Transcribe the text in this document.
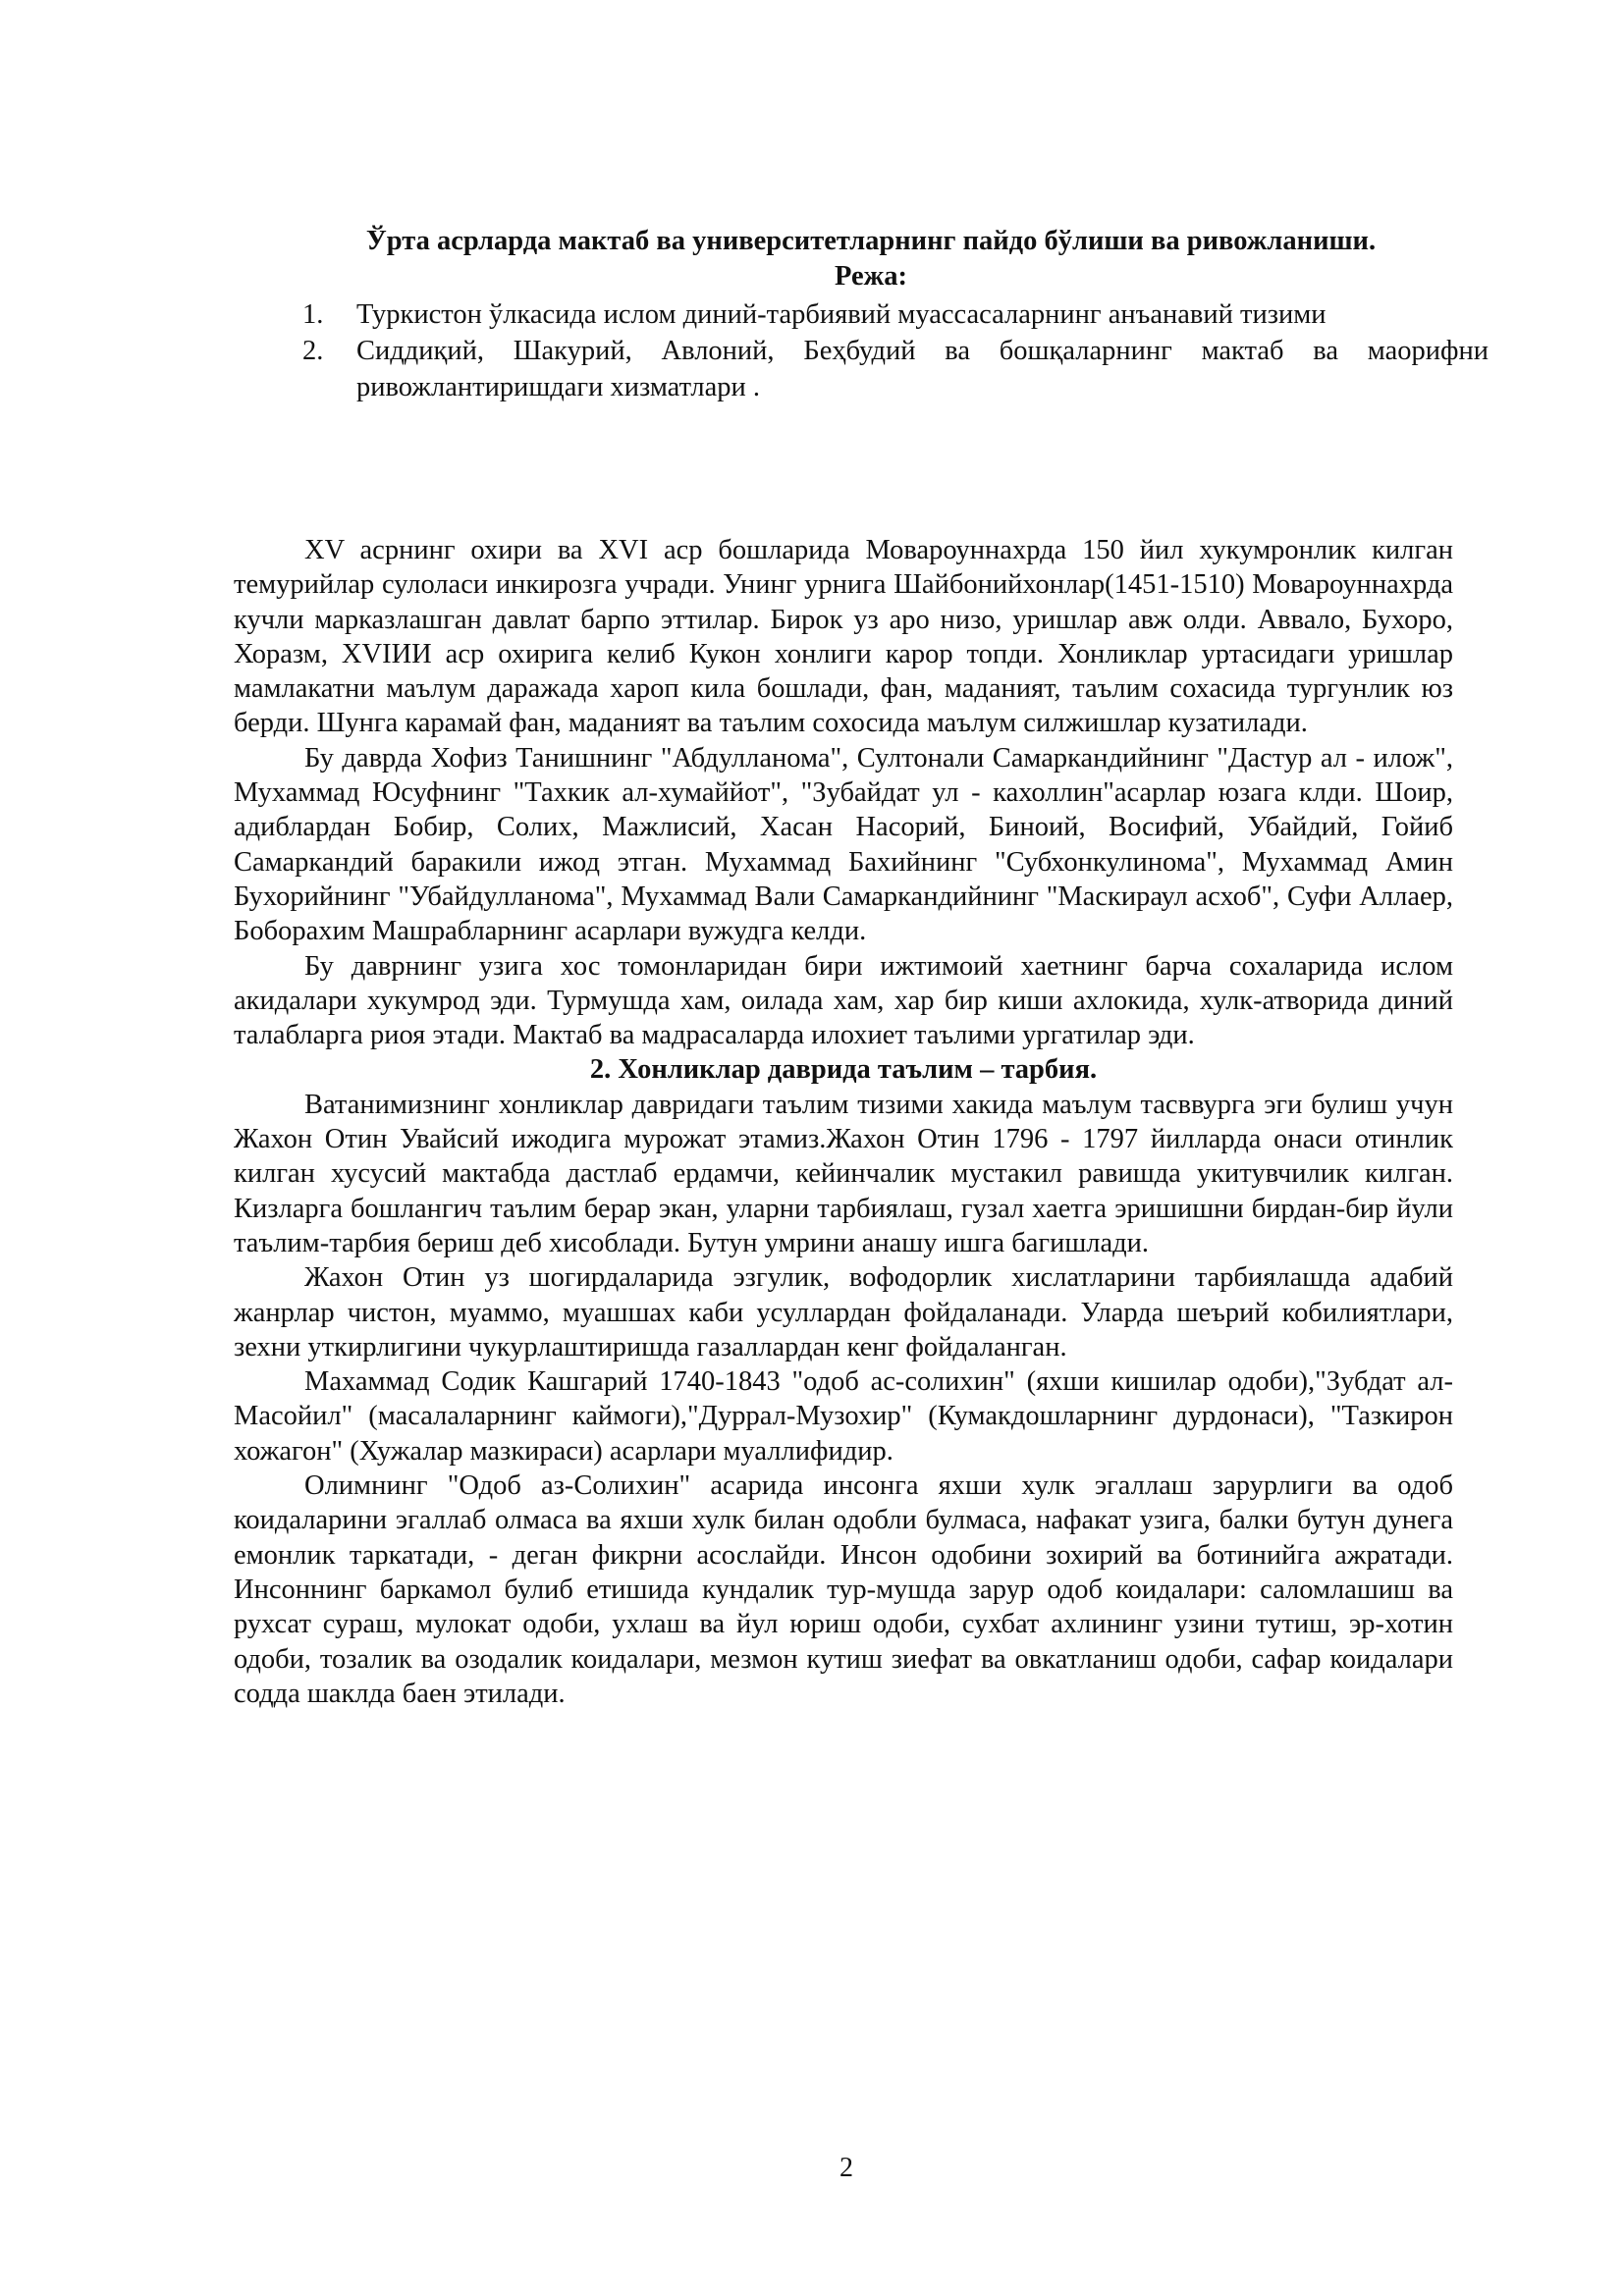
Ўрта асрларда мактаб ва университетларнинг пайдо бўлиши ва ривожланиши.
Режа:
1. Туркистон ўлкасида ислом диний-тарбиявий муассасаларнинг анъанавий тизими
2. Сиддиқий, Шакурий, Авлоний, Беҳбудий ва бошқаларнинг мактаб ва маорифни ривожлантиришдаги хизматлари .

XV асрнинг охири ва XVI аср бошларида Мовароуннахрда 150 йил хукумронлик килган темурийлар сулоласи инкирозга учради. Унинг урнига Шайбонийхонлар(1451-1510) Мовароуннахрда кучли марказлашган давлат барпо эттилар. Бирок уз аро низо, уришлар авж олди. Аввало, Бухоро, Хоразм, XVIИИ аср охирига келиб Кукон хонлиги карор топди. Хонликлар уртасидаги уришлар мамлакатни маълум даражада хароп кила бошлади, фан, маданият, таълим сохасида тургунлик юз берди. Шунга карамай фан, маданият ва таълим сохосида маълум силжишлар кузатилади.

Бу даврда Хофиз Танишнинг "Абдулланома", Султонали Самаркандийнинг "Дастур ал - илож", Мухаммад Юсуфнинг "Тахкик ал-хумаййот", "Зубайдат ул - кахоллин"асарлар юзага клди. Шоир, адиблардан Бобир, Солих, Мажлисий, Хасан Насорий, Биноий, Восифий, Убайдий, Гойиб Самаркандий баракили ижод этган. Мухаммад Бахийнинг "Субхонкулинома", Мухаммад Амин Бухорийнинг "Убайдулланома", Мухаммад Вали Самаркандийнинг "Маскираул асхоб", Суфи Аллаер, Боборахим Машрабларнинг асарлари вужудга келди.

Бу даврнинг узига хос томонларидан бири ижтимоий хаетнинг барча сохаларида ислом акидалари хукумрод эди. Турмушда хам, оилада хам, хар бир киши ахлокида, хулк-атворида диний талабларга риоя этади. Мактаб ва мадрасаларда илохиет таълими ургатилар эди.

2. Хонликлар даврида таълим – тарбия.

Ватанимизнинг хонликлар давридаги таълим тизими хакида маълум тасввурга эги булиш учун Жахон Отин Увайсий ижодига мурожат этамиз.Жахон Отин 1796 - 1797 йилларда онаси отинлик килган хусусий мактабда дастлаб ердамчи, кейинчалик мустакил равишда укитувчилик килган. Кизларга бошлангич таълим берар экан, уларни тарбиялаш, гузал хаетга эришишни бирдан-бир йули таълим-тарбия бериш деб хисоблади. Бутун умрини анашу ишга багишлади.

Жахон Отин уз шогирдаларида эзгулик, вофодорлик хислатларини тарбиялашда адабий жанрлар чистон, муаммо, муашшах каби усуллардан фойдаланади. Уларда шеърий кобилиятлари, зехни уткирлигини чукурлаштиришда газаллардан кенг фойдаланган.

Махаммад Содик Кашгарий 1740-1843 "одоб ас-солихин" (яхши кишилар одоби),"Зубдат ал-Масойил" (масалаларнинг каймоги),"Дуррал-Музохир" (Кумакдошларнинг дурдонаси), "Тазкирон хожагон" (Хужалар мазкираси) асарлари муаллифидир.

Олимнинг "Одоб аз-Солихин" асарида инсонга яхши хулк эгаллаш зарурлиги ва одоб коидаларини эгаллаб олмаса ва яхши хулк билан одобли булмаса, нафакат узига, балки бутун дунега емонлик таркатади, - деган фикрни асослайди. Инсон одобини зохирий ва ботинийга ажратади. Инсоннинг баркамол булиб етишида кундалик тур-мушда зарур одоб коидалари: саломлашиш ва рухсат сураш, мулокат одоби, ухлаш ва йул юриш одоби, сухбат ахлининг узини тутиш, эр-хотин одоби, тозалик ва озодалик коидалари, мезмон кутиш зиефат ва овкатланиш одоби, сафар коидалари содда шаклда баен этилади.

2
